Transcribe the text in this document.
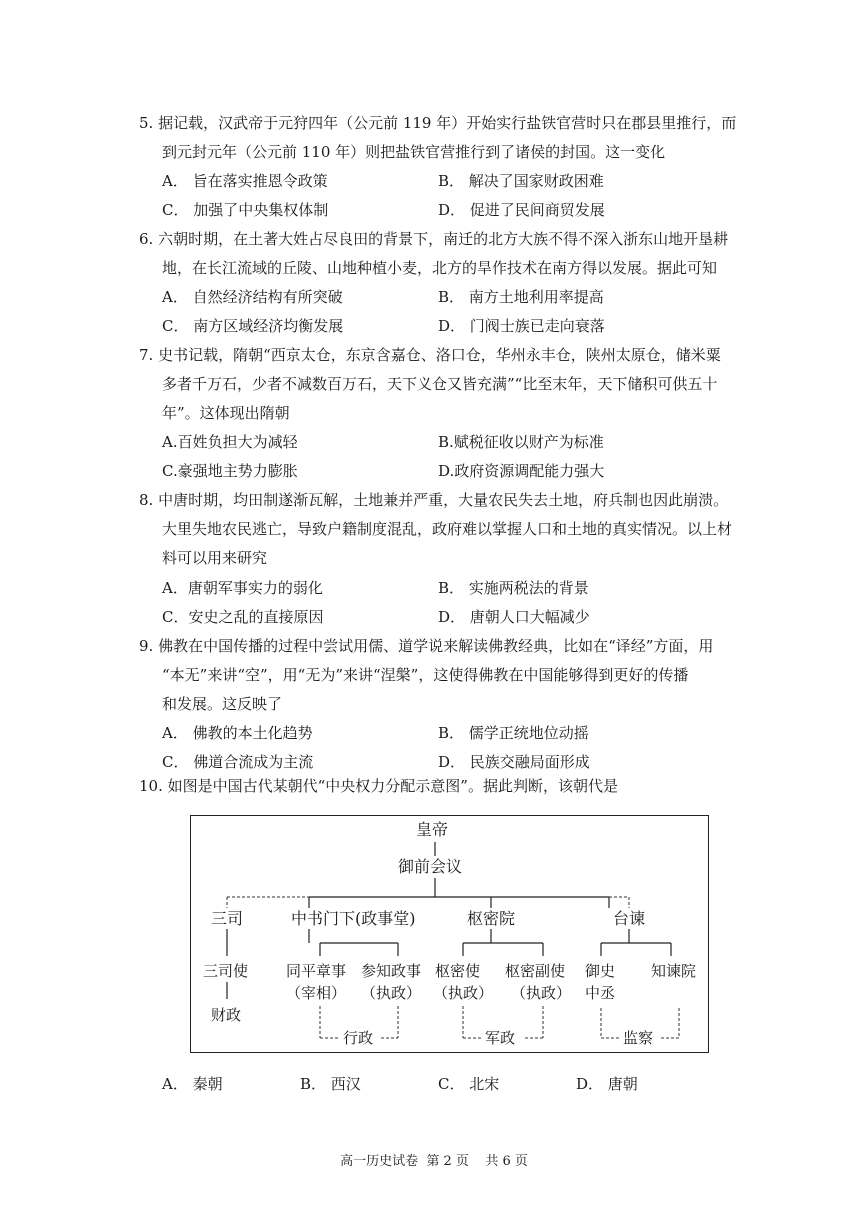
5. 据记载，汉武帝于元狩四年（公元前 119 年）开始实行盐铁官营时只在郡县里推行，而
到元封元年（公元前 110 年）则把盐铁官营推行到了诸侯的封国。这一变化
A． 旨在落实推恩令政策	B． 解决了国家财政困难
C． 加强了中央集权体制	D． 促进了民间商贸发展
6. 六朝时期，在土著大姓占尽良田的背景下，南迁的北方大族不得不深入浙东山地开垦耕
地，在长江流域的丘陵、山地种植小麦，北方的旱作技术在南方得以发展。据此可知
A． 自然经济结构有所突破	B． 南方土地利用率提高
C． 南方区域经济均衡发展	D． 门阀士族已走向衰落
7. 史书记载，隋朝“西京太仓，东京含嘉仓、洛口仓，华州永丰仓，陕州太原仓，储米粟
多者千万石，少者不减数百万石，天下义仓又皆充满”“比至末年，天下储积可供五十
年”。这体现出隋朝
A.百姓负担大为减轻	B.赋税征收以财产为标准
C.豪强地主势力膨胀	D.政府资源调配能力强大
8. 中唐时期，均田制遂渐瓦解，土地兼并严重，大量农民失去土地，府兵制也因此崩溃。
大里失地农民逃亡，导致户籍制度混乱，政府难以掌握人口和土地的真实情况。以上材
料可以用来研究
A．唐朝军事实力的弱化	B． 实施两税法的背景
C．安史之乱的直接原因	D． 唐朝人口大幅减少
9. 佛教在中国传播的过程中尝试用儒、道学说来解读佛教经典，比如在“译经”方面，用
“本无”来讲“空”，用“无为”来讲“涅槃”，这使得佛教在中国能够得到更好的传播
和发展。这反映了
A． 佛教的本土化趋势	B． 儒学正统地位动摇
C． 佛道合流成为主流	D． 民族交融局面形成
10. 如图是中国古代某朝代“中央权力分配示意图”。据此判断，该朝代是
皇帝
御前会议
三司	中书门下(政事堂)	枢密院	台谏
三司使
财政
同平章事
（宰相）
参知政事
（执政）
枢密使
（执政）
枢密副使
（执政）
御史
中丞
知谏院
行政	军政	监察
A． 秦朝	B． 西汉	C． 北宋	D． 唐朝
高一历史试卷  第 2 页    共 6 页
